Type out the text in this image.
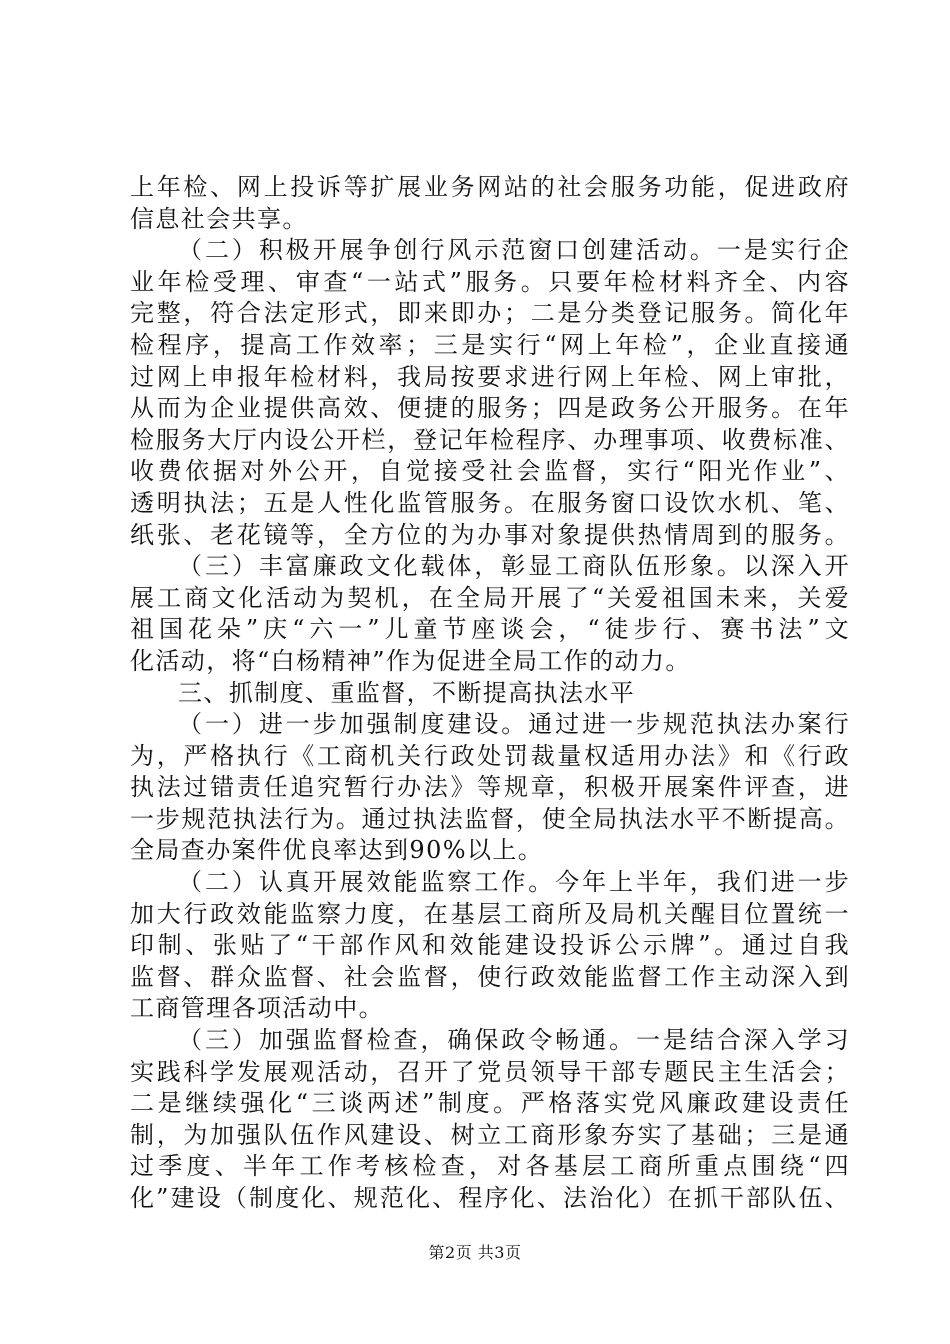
上年检、网上投诉等扩展业务网站的社会服务功能，促进政府
信息社会共享。
（二）积极开展争创行风示范窗口创建活动。一是实行企
业年检受理、审查“一站式”服务。只要年检材料齐全、内容
完整，符合法定形式，即来即办；二是分类登记服务。简化年
检程序，提高工作效率；三是实行“网上年检”，企业直接通
过网上申报年检材料，我局按要求进行网上年检、网上审批，
从而为企业提供高效、便捷的服务；四是政务公开服务。在年
检服务大厅内设公开栏，登记年检程序、办理事项、收费标准、
收费依据对外公开，自觉接受社会监督，实行“阳光作业”、
透明执法；五是人性化监管服务。在服务窗口设饮水机、笔、
纸张、老花镜等，全方位的为办事对象提供热情周到的服务。
（三）丰富廉政文化载体，彰显工商队伍形象。以深入开
展工商文化活动为契机，在全局开展了“关爱祖国未来，关爱
祖国花朵”庆“六一”儿童节座谈会，“徒步行、赛书法”文
化活动，将“白杨精神”作为促进全局工作的动力。
三、抓制度、重监督，不断提高执法水平
（一）进一步加强制度建设。通过进一步规范执法办案行
为，严格执行《工商机关行政处罚裁量权适用办法》和《行政
执法过错责任追究暂行办法》等规章，积极开展案件评查，进
一步规范执法行为。通过执法监督，使全局执法水平不断提高。
全局查办案件优良率达到90%以上。
（二）认真开展效能监察工作。今年上半年，我们进一步
加大行政效能监察力度，在基层工商所及局机关醒目位置统一
印制、张贴了“干部作风和效能建设投诉公示牌”。通过自我
监督、群众监督、社会监督，使行政效能监督工作主动深入到
工商管理各项活动中。
（三）加强监督检查，确保政令畅通。一是结合深入学习
实践科学发展观活动，召开了党员领导干部专题民主生活会；
二是继续强化“三谈两述”制度。严格落实党风廉政建设责任
制，为加强队伍作风建设、树立工商形象夯实了基础；三是通
过季度、半年工作考核检查，对各基层工商所重点围绕“四
化”建设（制度化、规范化、程序化、法治化）在抓干部队伍、
第2页 共3页
